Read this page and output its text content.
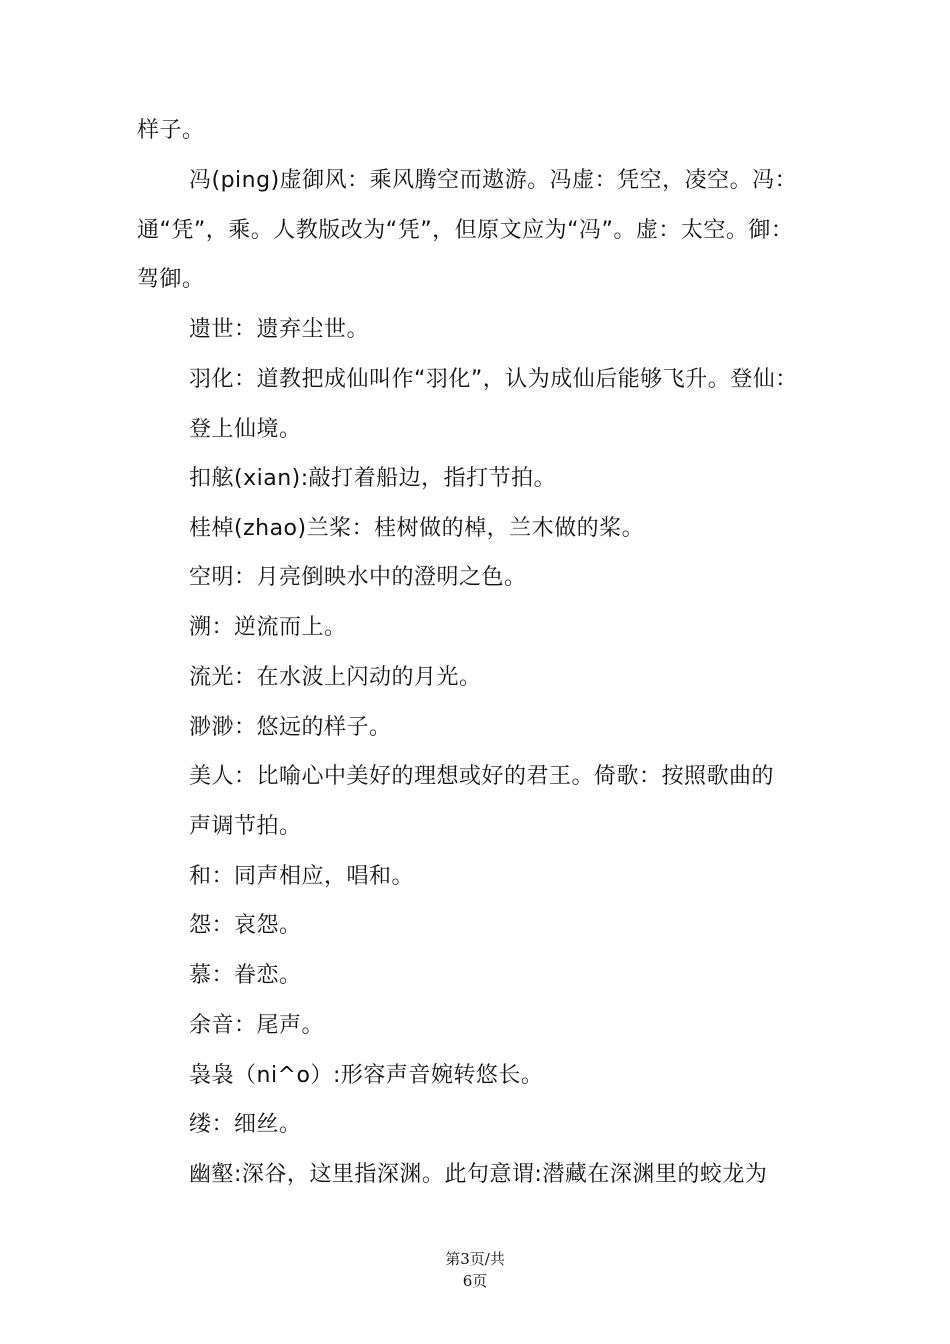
样子。
冯(ping)虚御风：乘风腾空而遨游。冯虚：凭空，凌空。冯：
通“凭”，乘。人教版改为“凭”，但原文应为“冯”。虚：太空。御：
驾御。
遗世：遗弃尘世。
羽化：道教把成仙叫作“羽化”，认为成仙后能够飞升。登仙：
登上仙境。
扣舷(xian):敲打着船边，指打节拍。
桂棹(zhao)兰桨：桂树做的棹，兰木做的桨。
空明：月亮倒映水中的澄明之色。
溯：逆流而上。
流光：在水波上闪动的月光。
渺渺：悠远的样子。
美人：比喻心中美好的理想或好的君王。倚歌：按照歌曲的
声调节拍。
和：同声相应，唱和。
怨：哀怨。
慕：眷恋。
余音：尾声。
袅袅（ni^o）:形容声音婉转悠长。
缕：细丝。
幽壑:深谷，这里指深渊。此句意谓:潜藏在深渊里的蛟龙为
第3页/共
6页
